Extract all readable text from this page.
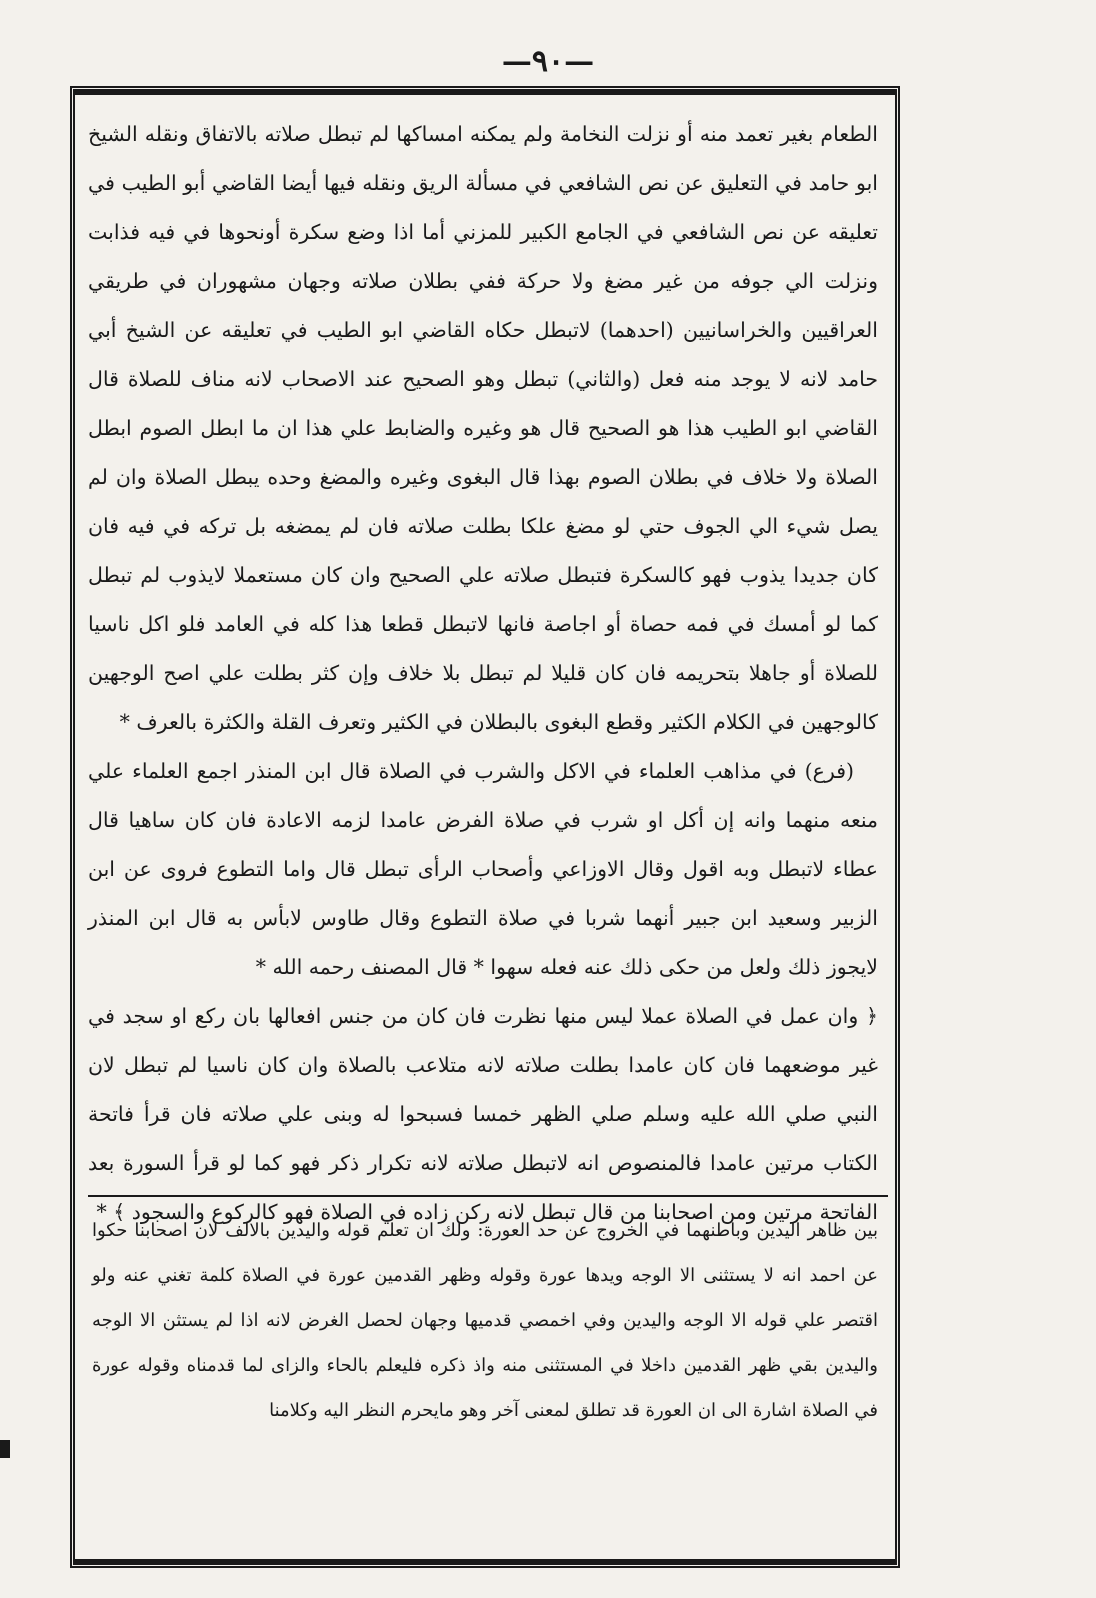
—٩٠—

الطعام بغير تعمد منه أو نزلت النخامة ولم يمكنه امساكها لم تبطل صلاته بالاتفاق ونقله الشيخ ابو حامد في التعليق عن نص الشافعي في مسألة الريق ونقله فيها أيضا القاضي أبو الطيب في تعليقه عن نص الشافعي في الجامع الكبير للمزني أما اذا وضع سكرة أونحوها في فيه فذابت ونزلت الي جوفه من غير مضغ ولا حركة ففي بطلان صلاته وجهان مشهوران في طريقي العراقيين والخراسانيين (احدهما) لاتبطل حكاه القاضي ابو الطيب في تعليقه عن الشيخ أبي حامد لانه لا يوجد منه فعل (والثاني) تبطل وهو الصحيح عند الاصحاب لانه مناف للصلاة قال القاضي ابو الطيب هذا هو الصحيح قال هو وغيره والضابط علي هذا ان ما ابطل الصوم ابطل الصلاة ولا خلاف في بطلان الصوم بهذا قال البغوى وغيره والمضغ وحده يبطل الصلاة وان لم يصل شيء الي الجوف حتي لو مضغ علكا بطلت صلاته فان لم يمضغه بل تركه في فيه فان كان جديدا يذوب فهو كالسكرة فتبطل صلاته علي الصحيح وان كان مستعملا لايذوب لم تبطل كما لو أمسك في فمه حصاة أو اجاصة فانها لاتبطل قطعا هذا كله في العامد فلو اكل ناسيا للصلاة أو جاهلا بتحريمه فان كان قليلا لم تبطل بلا خلاف وإن كثر بطلت علي اصح الوجهين كالوجهين في الكلام الكثير وقطع البغوى بالبطلان في الكثير وتعرف القلة والكثرة بالعرف *

(فرع) في مذاهب العلماء في الاكل والشرب في الصلاة قال ابن المنذر اجمع العلماء علي منعه منهما وانه إن أكل او شرب في صلاة الفرض عامدا لزمه الاعادة فان كان ساهيا قال عطاء لاتبطل وبه اقول وقال الاوزاعي وأصحاب الرأى تبطل قال واما التطوع فروى عن ابن الزبير وسعيد ابن جبير أنهما شربا في صلاة التطوع وقال طاوس لابأس به قال ابن المنذر لايجوز ذلك ولعل من حكى ذلك عنه فعله سهوا * قال المصنف رحمه الله *

﴿ وان عمل في الصلاة عملا ليس منها نظرت فان كان من جنس افعالها بان ركع او سجد في غير موضعهما فان كان عامدا بطلت صلاته لانه متلاعب بالصلاة وان كان ناسيا لم تبطل لان النبي صلي الله عليه وسلم صلي الظهر خمسا فسبحوا له وبنى علي صلاته فان قرأ فاتحة الكتاب مرتين عامدا فالمنصوص انه لاتبطل صلاته لانه تكرار ذكر فهو كما لو قرأ السورة بعد الفاتحة مرتين ومن اصحابنا من قال تبطل لانه ركن زاده في الصلاة فهو كالركوع والسجود ﴾ *

بين ظاهر اليدين وباطنهما في الخروج عن حد العورة: ولك ان تعلم قوله واليدين بالالف لان اصحابنا حكوا عن احمد انه لا يستثنى الا الوجه ويدها عورة وقوله وظهر القدمين عورة في الصلاة كلمة تغني عنه ولو اقتصر علي قوله الا الوجه واليدين وفي اخمصي قدميها وجهان لحصل الغرض لانه اذا لم يستثن الا الوجه واليدين بقي ظهر القدمين داخلا في المستثنى منه واذ ذكره فليعلم بالحاء والزاى لما قدمناه وقوله عورة في الصلاة اشارة الى ان العورة قد تطلق لمعنى آخر وهو مايحرم النظر اليه وكلامنا
